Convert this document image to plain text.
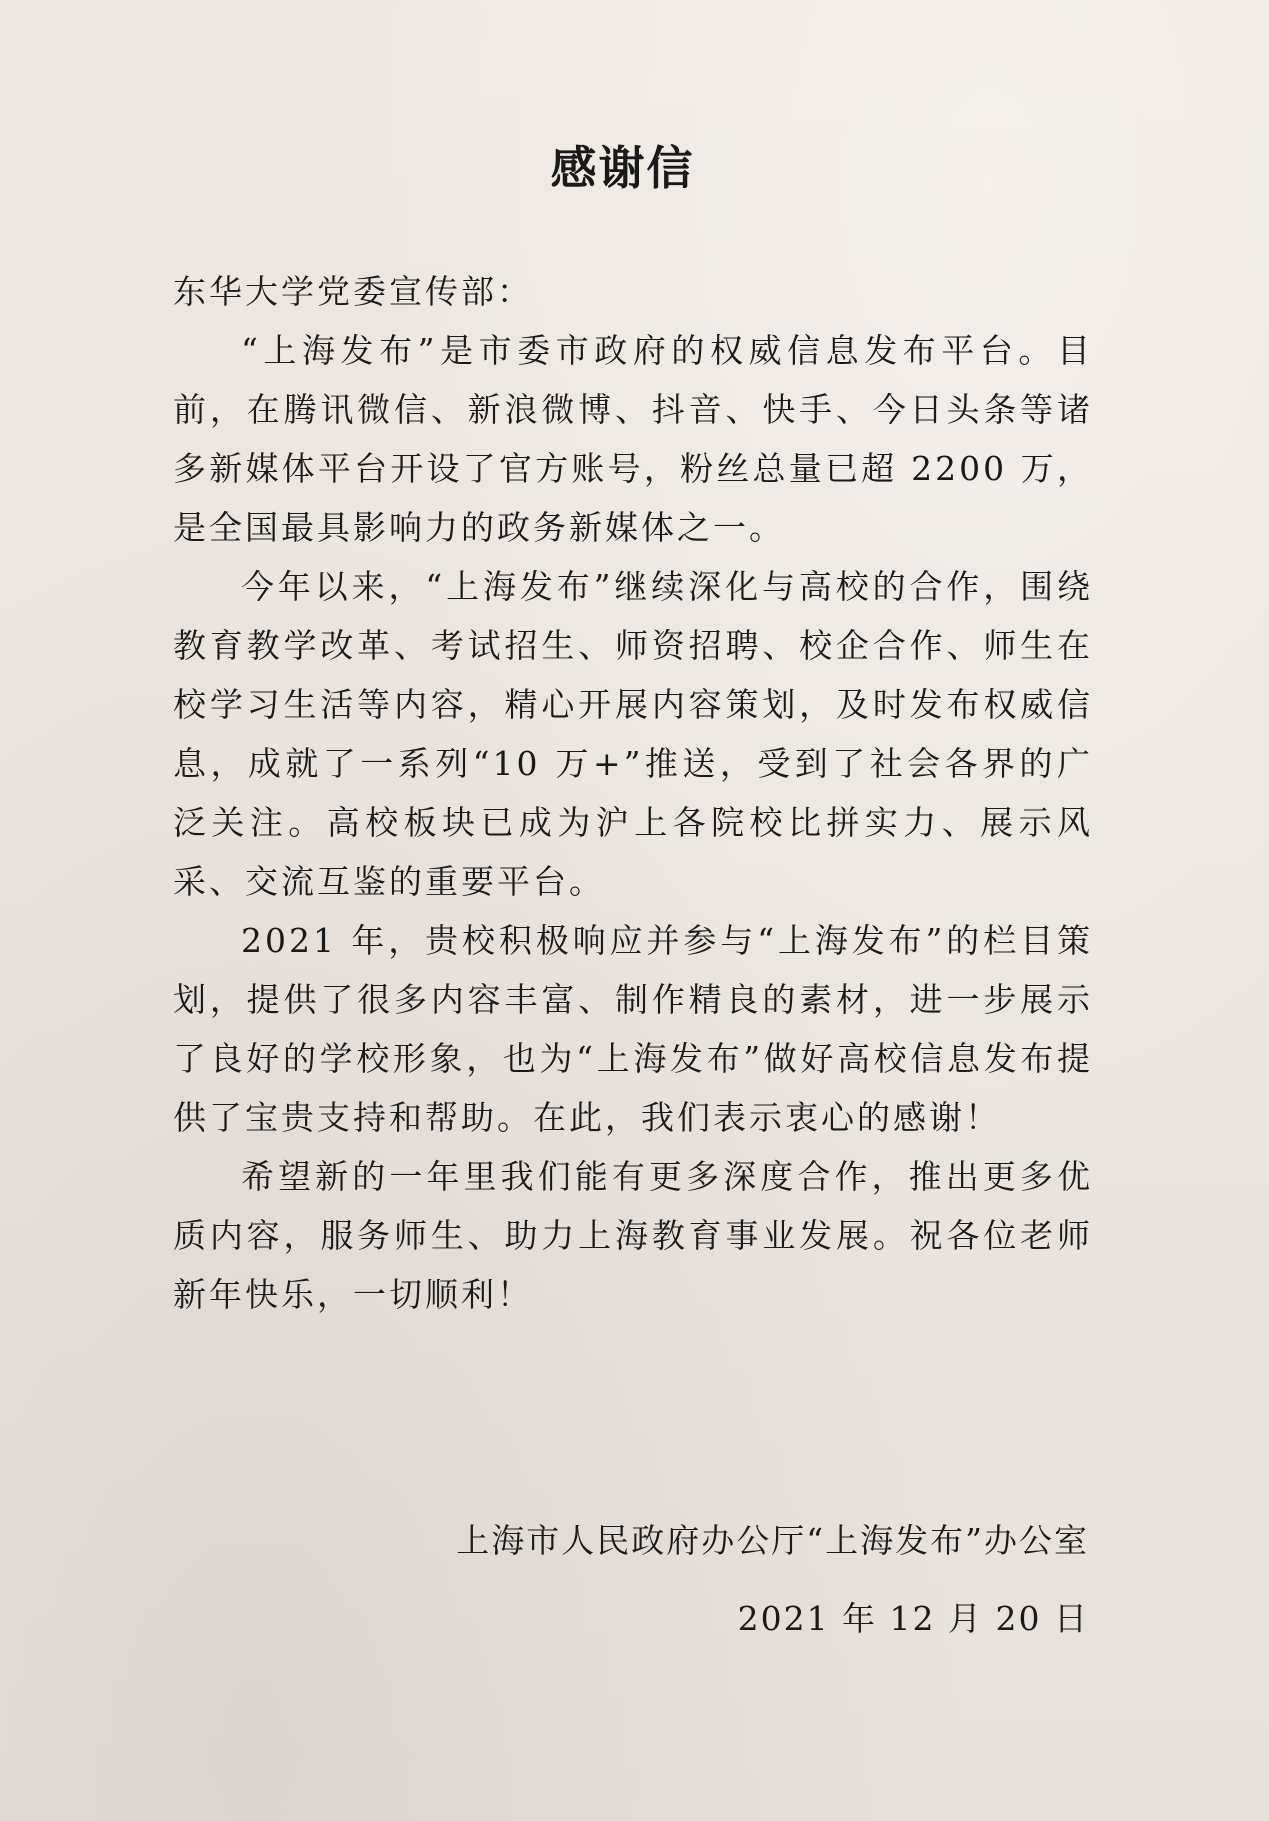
感谢信

东华大学党委宣传部：

“上海发布”是市委市政府的权威信息发布平台。目前，在腾讯微信、新浪微博、抖音、快手、今日头条等诸多新媒体平台开设了官方账号，粉丝总量已超 2200 万，是全国最具影响力的政务新媒体之一。

今年以来，“上海发布”继续深化与高校的合作，围绕教育教学改革、考试招生、师资招聘、校企合作、师生在校学习生活等内容，精心开展内容策划，及时发布权威信息，成就了一系列“10 万+”推送，受到了社会各界的广泛关注。高校板块已成为沪上各院校比拼实力、展示风采、交流互鉴的重要平台。

2021 年，贵校积极响应并参与“上海发布”的栏目策划，提供了很多内容丰富、制作精良的素材，进一步展示了良好的学校形象，也为“上海发布”做好高校信息发布提供了宝贵支持和帮助。在此，我们表示衷心的感谢！

希望新的一年里我们能有更多深度合作，推出更多优质内容，服务师生、助力上海教育事业发展。祝各位老师新年快乐，一切顺利！

上海市人民政府办公厅“上海发布”办公室
2021 年 12 月 20 日
